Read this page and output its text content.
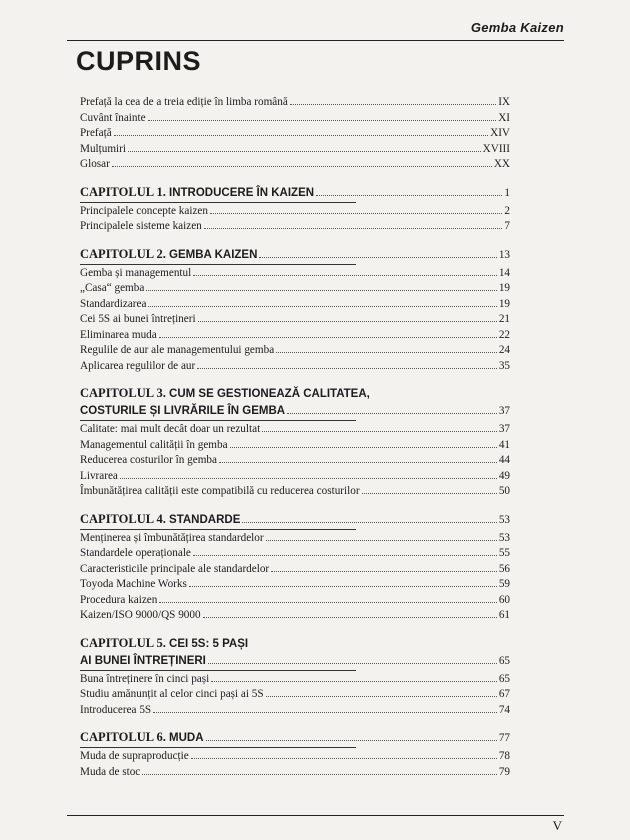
Gemba Kaizen
CUPRINS
Prefață la cea de a treia ediție în limba română	IX
Cuvânt înainte	XI
Prefață	XIV
Mulțumiri	XVIII
Glosar	XX
CAPITOLUL 1. INTRODUCERE ÎN KAIZEN	1
Principalele concepte kaizen	2
Principalele sisteme kaizen	7
CAPITOLUL 2. GEMBA KAIZEN	13
Gemba și managementul	14
„Casa“ gemba	19
Standardizarea	19
Cei 5S ai bunei întrețineri	21
Eliminarea muda	22
Regulile de aur ale managementului gemba	24
Aplicarea regulilor de aur	35
CAPITOLUL 3. CUM SE GESTIONEAZĂ CALITATEA,
COSTURILE ȘI LIVRĂRILE ÎN GEMBA	37
Calitate: mai mult decât doar un rezultat	37
Managementul calității în gemba	41
Reducerea costurilor în gemba	44
Livrarea	49
Îmbunătățirea calității este compatibilă cu reducerea costurilor	50
CAPITOLUL 4. STANDARDE	53
Menținerea și îmbunătățirea standardelor	53
Standardele operaționale	55
Caracteristicile principale ale standardelor	56
Toyoda Machine Works	59
Procedura kaizen	60
Kaizen/ISO 9000/QS 9000	61
CAPITOLUL 5. CEI 5S: 5 PAȘI
AI BUNEI ÎNTREȚINERI	65
Buna întreținere în cinci pași	65
Studiu amănunțit al celor cinci pași ai 5S	67
Introducerea 5S	74
CAPITOLUL 6. MUDA	77
Muda de supraproducție	78
Muda de stoc	79
V
